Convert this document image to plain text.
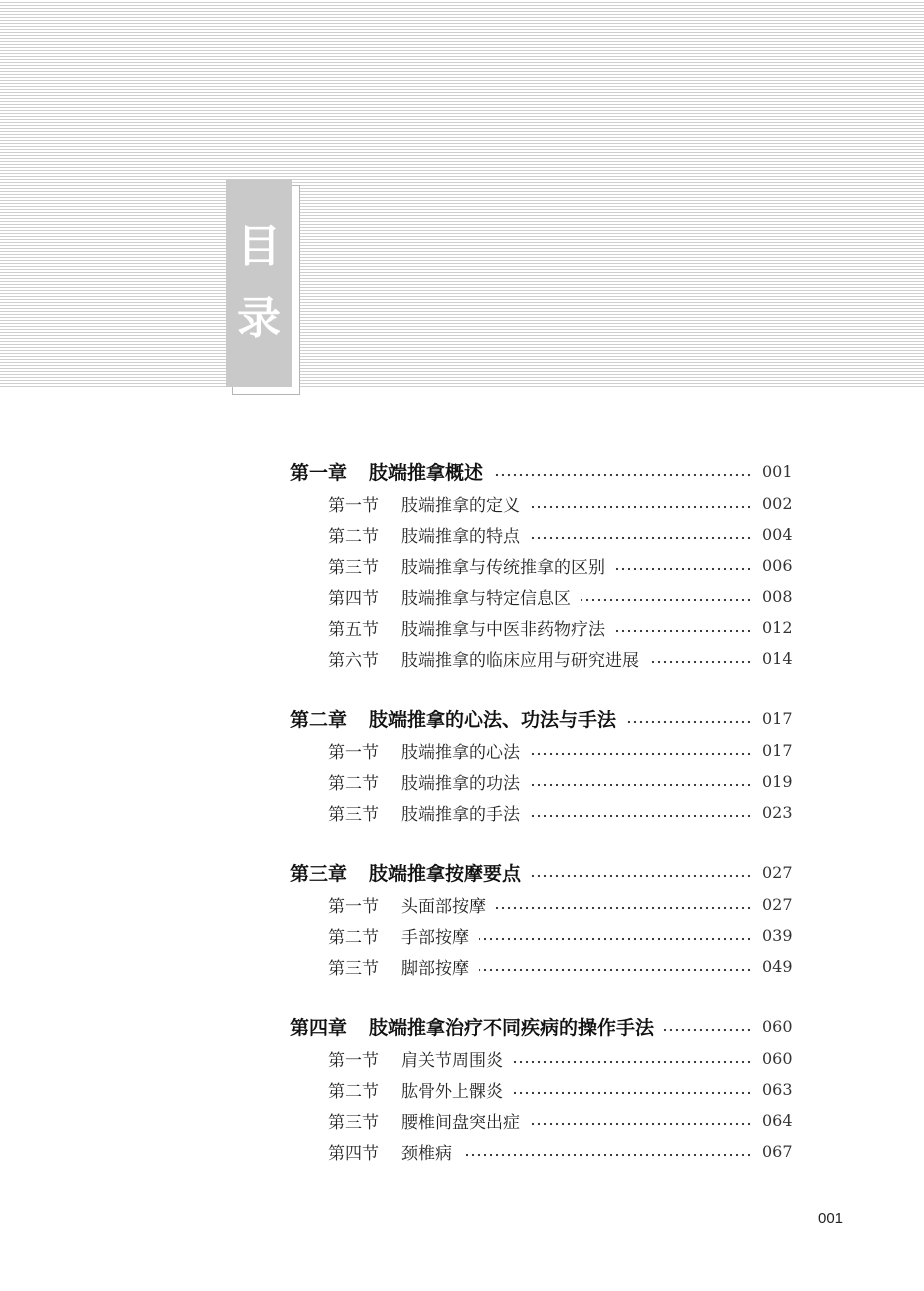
目
录
第一章 肢端推拿概述	001
第一节 肢端推拿的定义	002
第二节 肢端推拿的特点	004
第三节 肢端推拿与传统推拿的区别	006
第四节 肢端推拿与特定信息区	008
第五节 肢端推拿与中医非药物疗法	012
第六节 肢端推拿的临床应用与研究进展	014
第二章 肢端推拿的心法、功法与手法	017
第一节 肢端推拿的心法	017
第二节 肢端推拿的功法	019
第三节 肢端推拿的手法	023
第三章 肢端推拿按摩要点	027
第一节 头面部按摩	027
第二节 手部按摩	039
第三节 脚部按摩	049
第四章 肢端推拿治疗不同疾病的操作手法	060
第一节 肩关节周围炎	060
第二节 肱骨外上髁炎	063
第三节 腰椎间盘突出症	064
第四节 颈椎病	067
001
